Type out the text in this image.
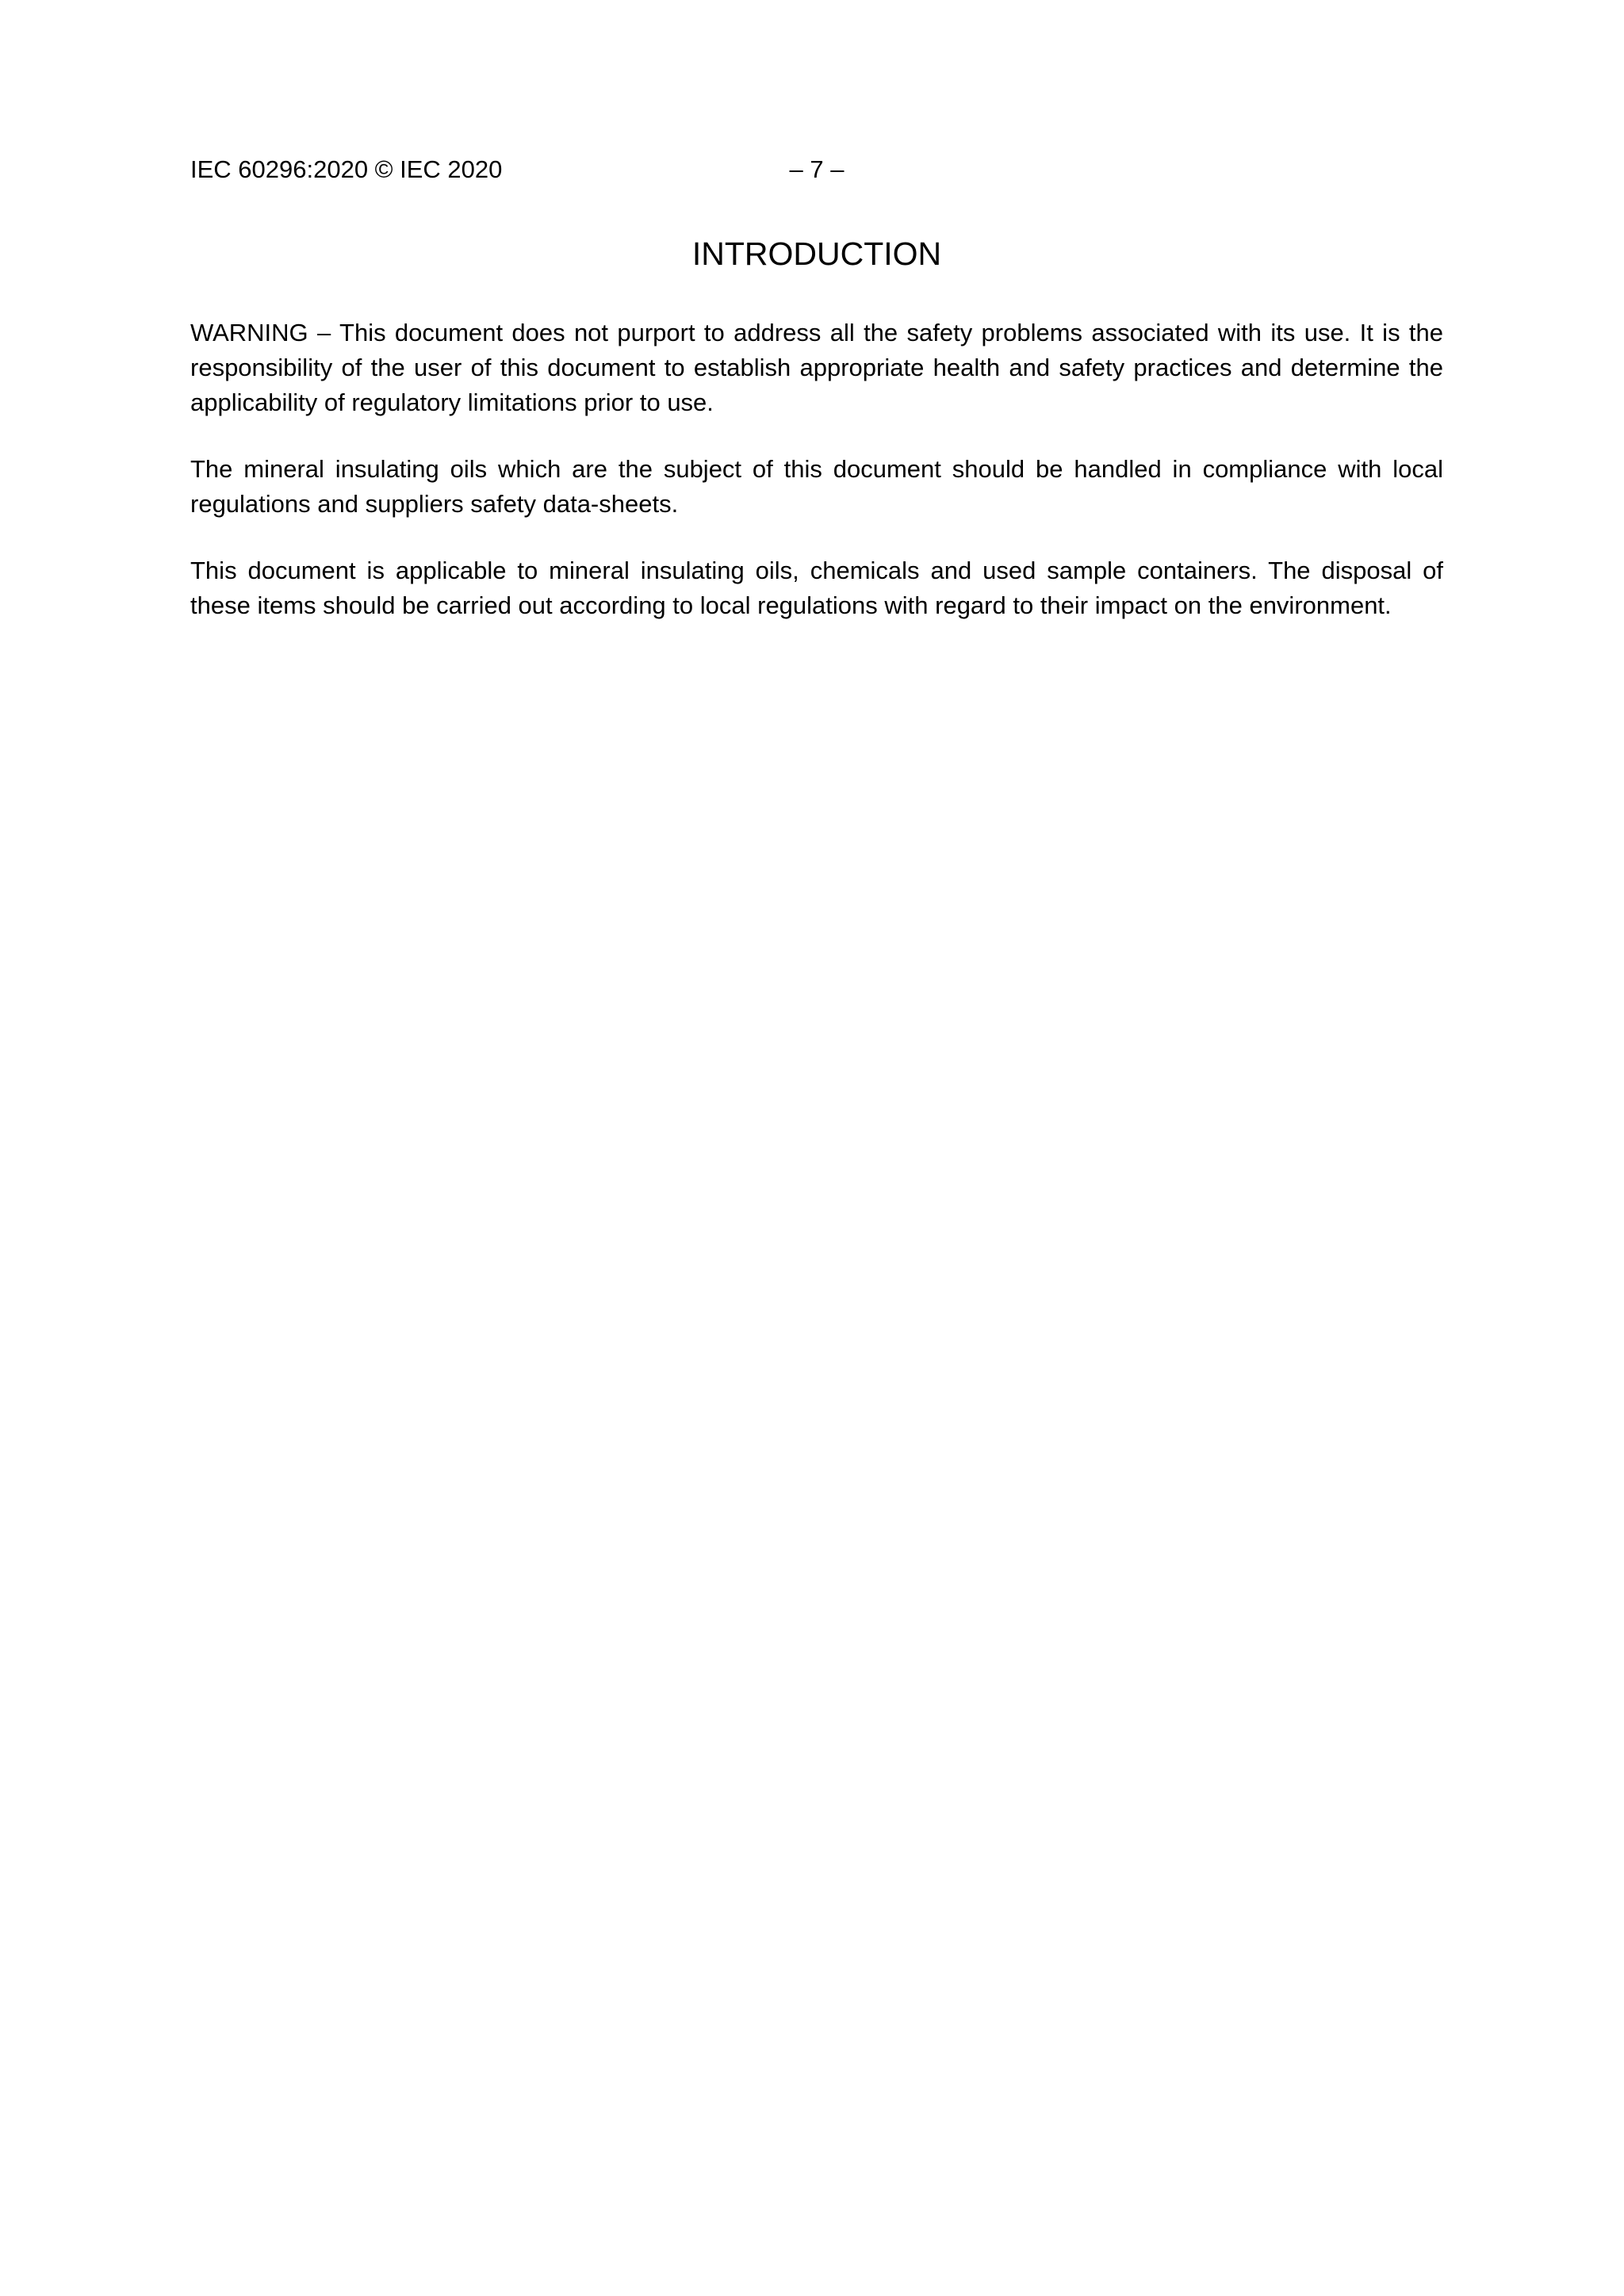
IEC 60296:2020 © IEC 2020	– 7 –
INTRODUCTION

WARNING – This document does not purport to address all the safety problems associated with its use. It is the responsibility of the user of this document to establish appropriate health and safety practices and determine the applicability of regulatory limitations prior to use.

The mineral insulating oils which are the subject of this document should be handled in compliance with local regulations and suppliers safety data-sheets.

This document is applicable to mineral insulating oils, chemicals and used sample containers. The disposal of these items should be carried out according to local regulations with regard to their impact on the environment.
